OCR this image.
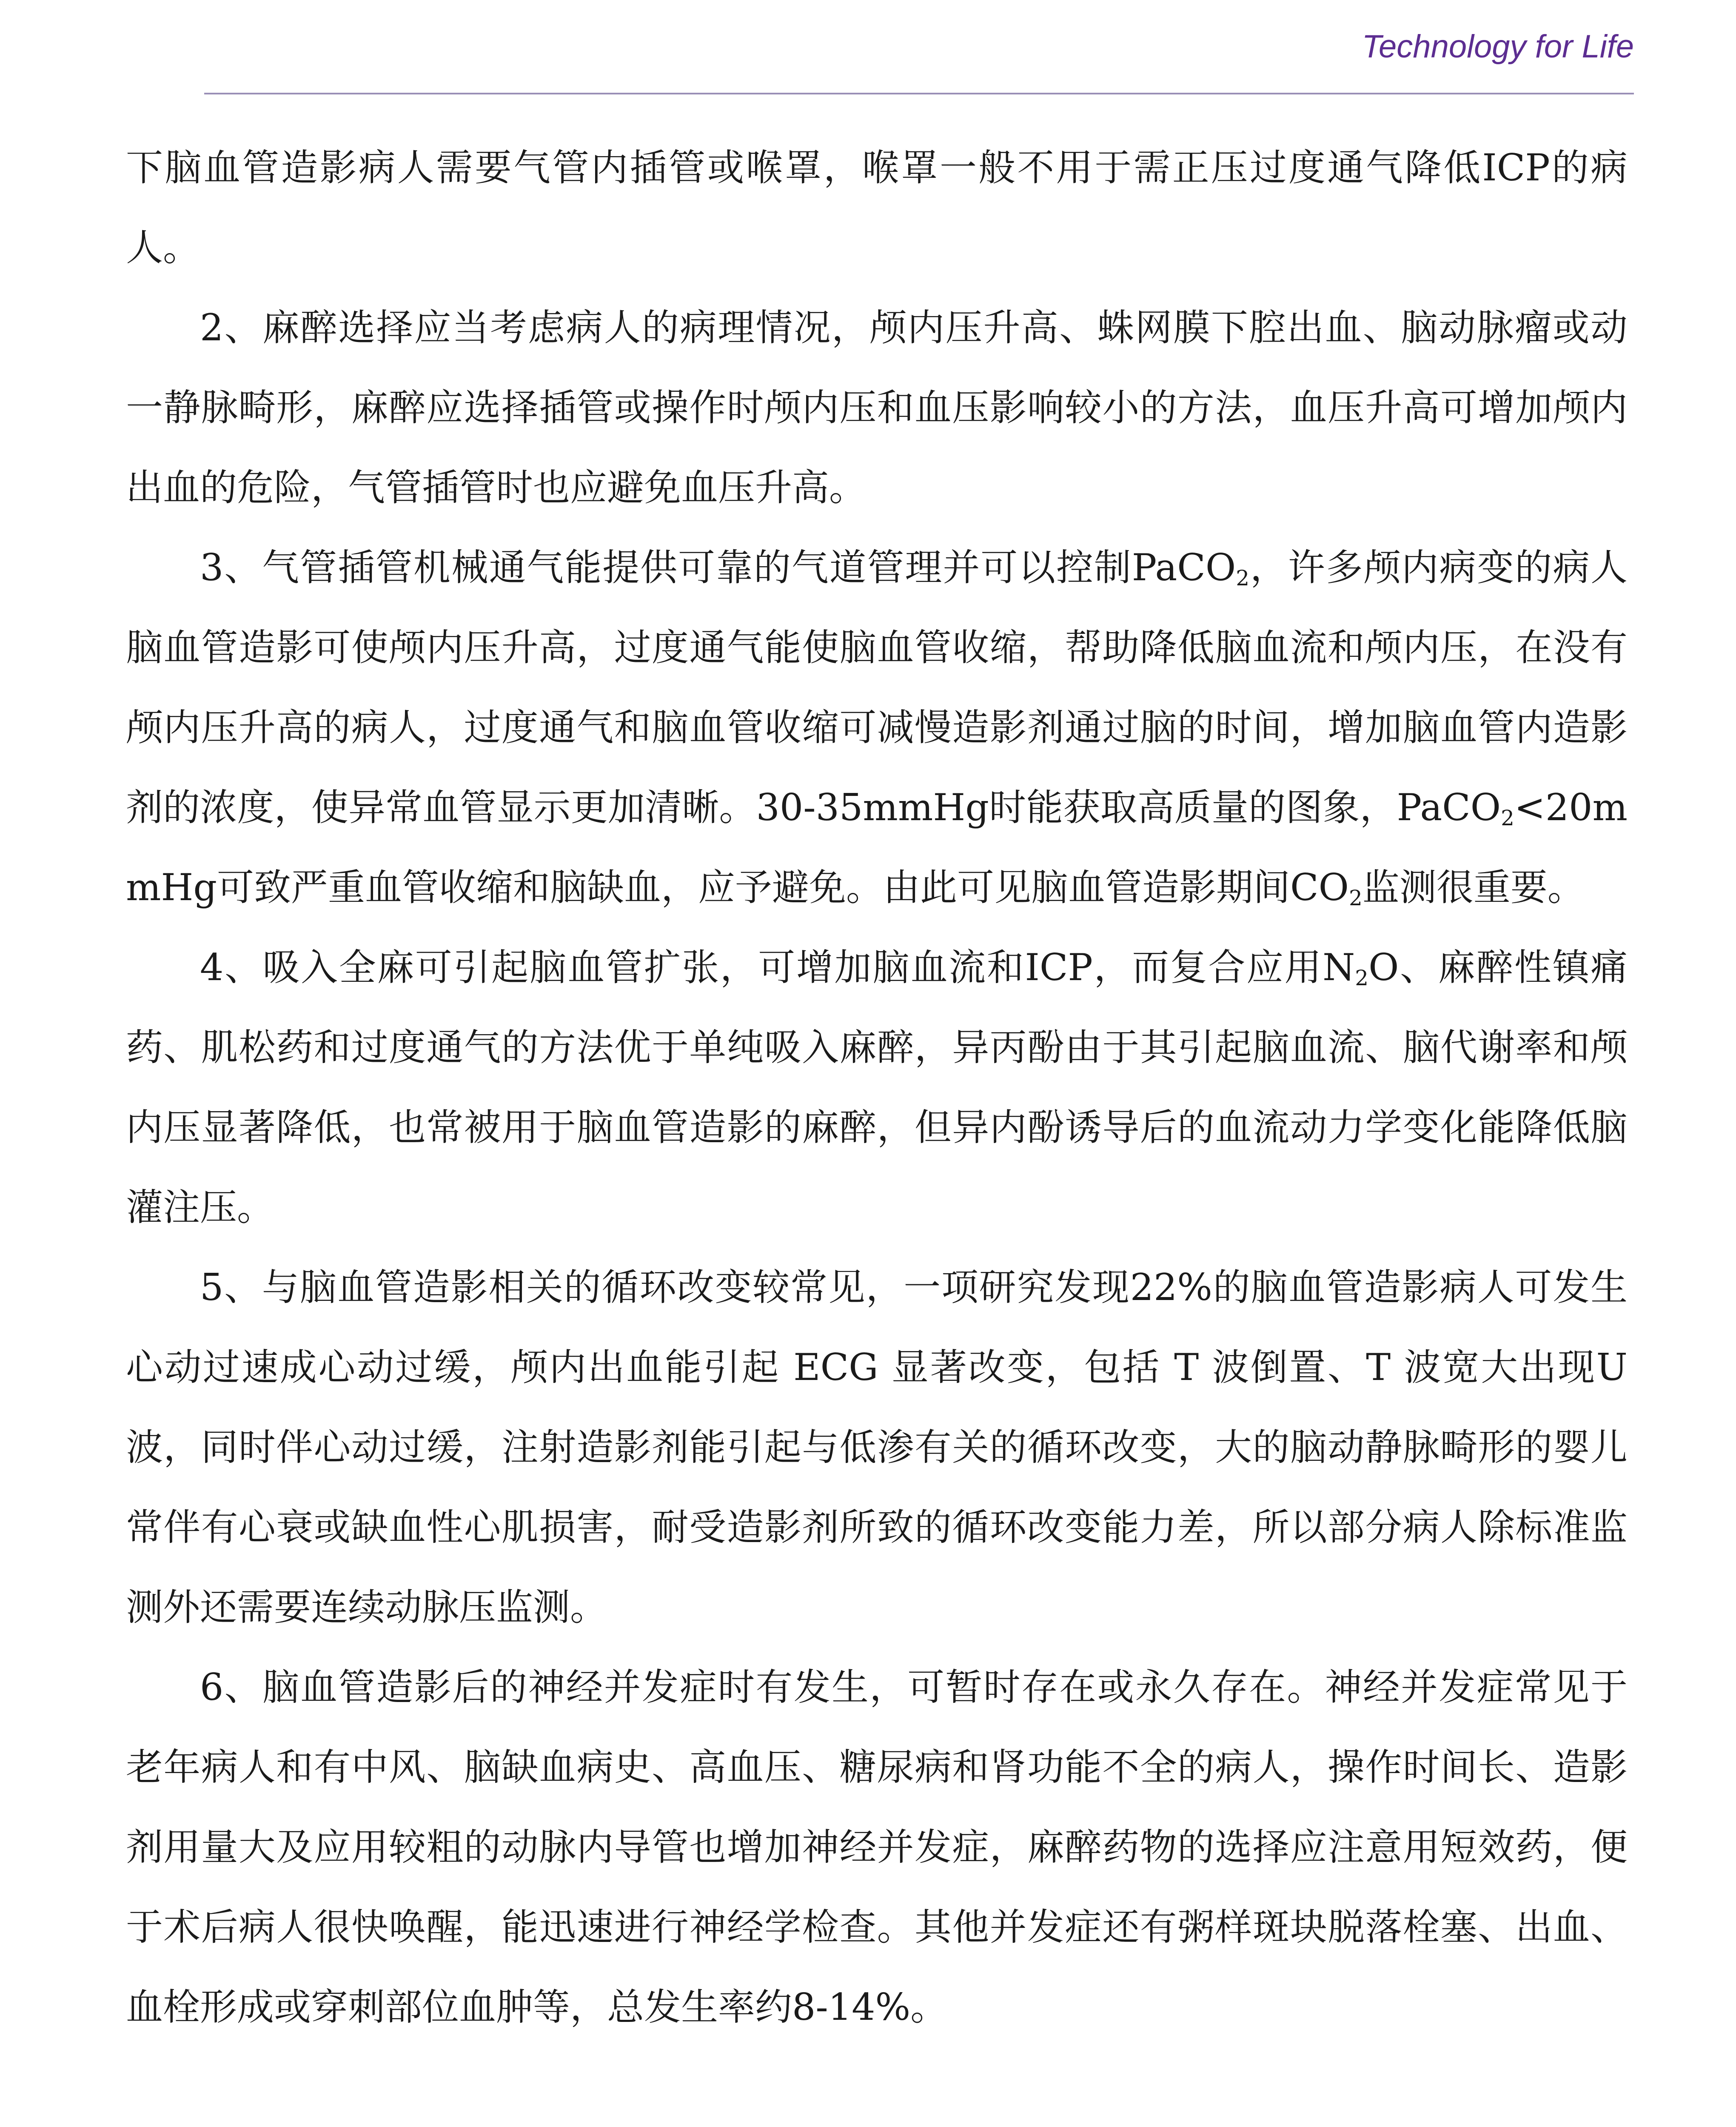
Technology for Life

下脑血管造影病人需要气管内插管或喉罩，喉罩一般不用于需正压过度通气降低ICP的病人。

2、麻醉选择应当考虑病人的病理情况，颅内压升高、蛛网膜下腔出血、脑动脉瘤或动一静脉畸形，麻醉应选择插管或操作时颅内压和血压影响较小的方法，血压升高可增加颅内出血的危险，气管插管时也应避免血压升高。

3、气管插管机械通气能提供可靠的气道管理并可以控制PaCO$_2$，许多颅内病变的病人脑血管造影可使颅内压升高，过度通气能使脑血管收缩，帮助降低脑血流和颅内压，在没有颅内压升高的病人，过度通气和脑血管收缩可减慢造影剂通过脑的时间，增加脑血管内造影剂的浓度，使异常血管显示更加清晰。30-35mmHg时能获取高质量的图象，PaCO$_2$<20mmHg可致严重血管收缩和脑缺血，应予避免。由此可见脑血管造影期间$CO_2$监测很重要。

4、吸入全麻可引起脑血管扩张，可增加脑血流和ICP，而复合应用$N_2O$、麻醉性镇痛药、肌松药和过度通气的方法优于单纯吸入麻醉，异丙酚由于其引起脑血流、脑代谢率和颅内压显著降低，也常被用于脑血管造影的麻醉，但异内酚诱导后的血流动力学变化能降低脑灌注压。

5、与脑血管造影相关的循环改变较常见，一项研究发现22%的脑血管造影病人可发生心动过速成心动过缓，颅内出血能引起 ECG 显著改变，包括 T 波倒置、T 波宽大出现U 波，同时伴心动过缓，注射造影剂能引起与低渗有关的循环改变，大的脑动静脉畸形的婴儿常伴有心衰或缺血性心肌损害，耐受造影剂所致的循环改变能力差，所以部分病人除标准监测外还需要连续动脉压监测。

6、脑血管造影后的神经并发症时有发生，可暂时存在或永久存在。神经并发症常见于老年病人和有中风、脑缺血病史、高血压、糖尿病和肾功能不全的病人，操作时间长、造影剂用量大及应用较粗的动脉内导管也增加神经并发症，麻醉药物的选择应注意用短效药，便于术后病人很快唤醒，能迅速进行神经学检查。其他并发症还有粥样斑块脱落栓塞、出血、血栓形成或穿刺部位血肿等，总发生率约8-14%。
